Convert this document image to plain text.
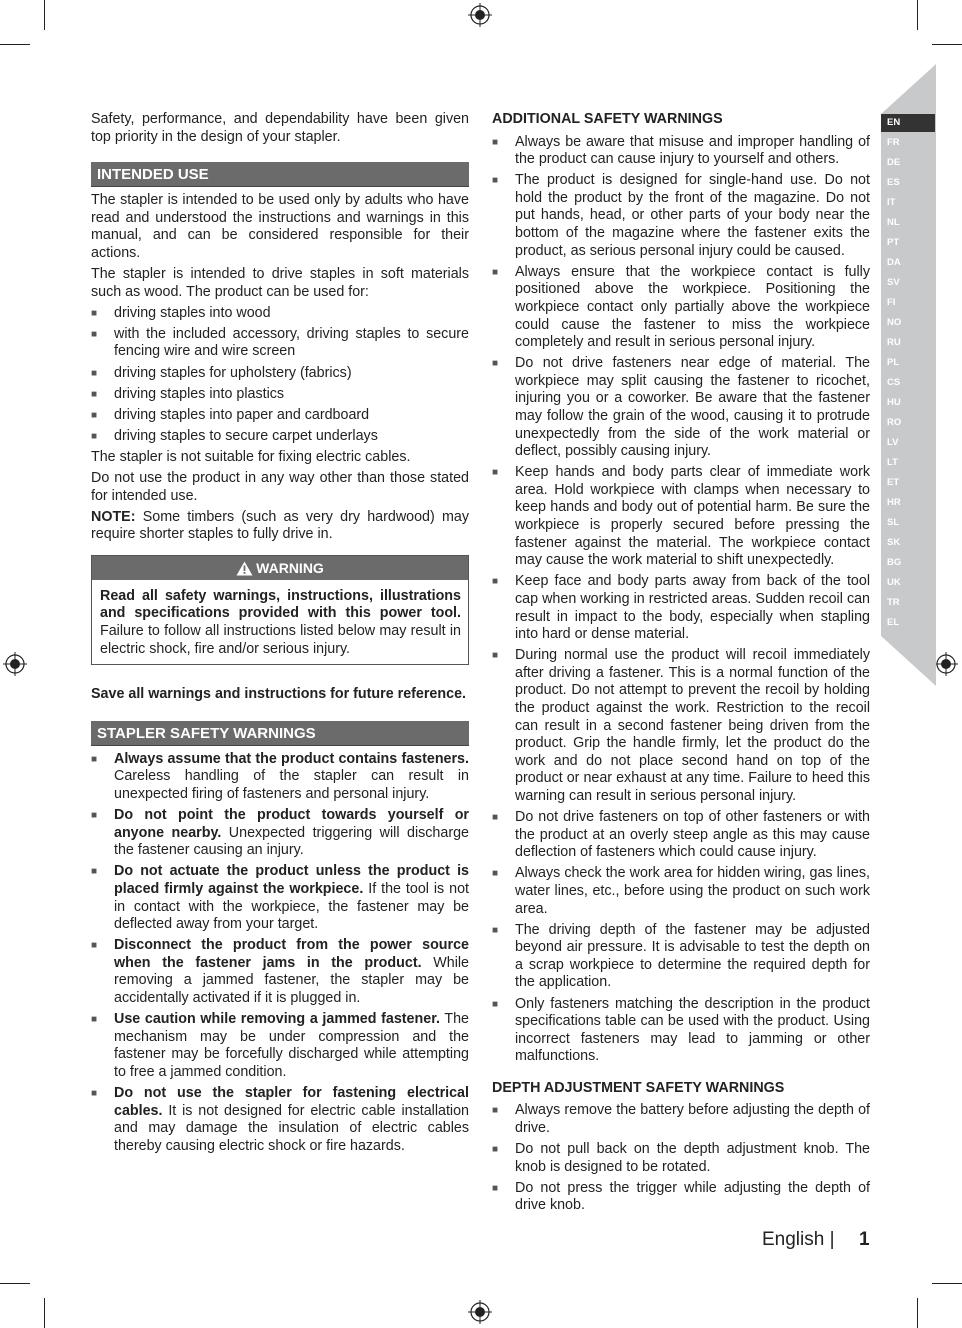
EN
FR
DE
ES
IT
NL
PT
DA
SV
FI
NO
RU
PL
CS
HU
RO
LV
LT
ET
HR
SL
SK
BG
UK
TR
EL

Safety, performance, and dependability have been given top priority in the design of your stapler.

INTENDED USE

The stapler is intended to be used only by adults who have read and understood the instructions and warnings in this manual, and can be considered responsible for their actions.

The stapler is intended to drive staples in soft materials such as wood. The product can be used for:

■ driving staples into wood
■ with the included accessory, driving staples to secure fencing wire and wire screen
■ driving staples for upholstery (fabrics)
■ driving staples into plastics
■ driving staples into paper and cardboard
■ driving staples to secure carpet underlays

The stapler is not suitable for fixing electric cables.

Do not use the product in any way other than those stated for intended use.

NOTE: Some timbers (such as very dry hardwood) may require shorter staples to fully drive in.

WARNING
Read all safety warnings, instructions, illustrations and specifications provided with this power tool. Failure to follow all instructions listed below may result in electric shock, fire and/or serious injury.

Save all warnings and instructions for future reference.

STAPLER SAFETY WARNINGS
■ Always assume that the product contains fasteners. Careless handling of the stapler can result in unexpected firing of fasteners and personal injury.
■ Do not point the product towards yourself or anyone nearby. Unexpected triggering will discharge the fastener causing an injury.
■ Do not actuate the product unless the product is placed firmly against the workpiece. If the tool is not in contact with the workpiece, the fastener may be deflected away from your target.
■ Disconnect the product from the power source when the fastener jams in the product. While removing a jammed fastener, the stapler may be accidentally activated if it is plugged in.
■ Use caution while removing a jammed fastener. The mechanism may be under compression and the fastener may be forcefully discharged while attempting to free a jammed condition.
■ Do not use the stapler for fastening electrical cables. It is not designed for electric cable installation and may damage the insulation of electric cables thereby causing electric shock or fire hazards.
ADDITIONAL SAFETY WARNINGS
■ Always be aware that misuse and improper handling of the product can cause injury to yourself and others.
■ The product is designed for single-hand use. Do not hold the product by the front of the magazine. Do not put hands, head, or other parts of your body near the bottom of the magazine where the fastener exits the product, as serious personal injury could be caused.
■ Always ensure that the workpiece contact is fully positioned above the workpiece. Positioning the workpiece contact only partially above the workpiece could cause the fastener to miss the workpiece completely and result in serious personal injury.
■ Do not drive fasteners near edge of material. The workpiece may split causing the fastener to ricochet, injuring you or a coworker. Be aware that the fastener may follow the grain of the wood, causing it to protrude unexpectedly from the side of the work material or deflect, possibly causing injury.
■ Keep hands and body parts clear of immediate work area. Hold workpiece with clamps when necessary to keep hands and body out of potential harm. Be sure the workpiece is properly secured before pressing the fastener against the material. The workpiece contact may cause the work material to shift unexpectedly.
■ Keep face and body parts away from back of the tool cap when working in restricted areas. Sudden recoil can result in impact to the body, especially when stapling into hard or dense material.
■ During normal use the product will recoil immediately after driving a fastener. This is a normal function of the product. Do not attempt to prevent the recoil by holding the product against the work. Restriction to the recoil can result in a second fastener being driven from the product. Grip the handle firmly, let the product do the work and do not place second hand on top of the product or near exhaust at any time. Failure to heed this warning can result in serious personal injury.
■ Do not drive fasteners on top of other fasteners or with the product at an overly steep angle as this may cause deflection of fasteners which could cause injury.
■ Always check the work area for hidden wiring, gas lines, water lines, etc., before using the product on such work area.
■ The driving depth of the fastener may be adjusted beyond air pressure. It is advisable to test the depth on a scrap workpiece to determine the required depth for the application.
■ Only fasteners matching the description in the product specifications table can be used with the product. Using incorrect fasteners may lead to jamming or other malfunctions.
DEPTH ADJUSTMENT SAFETY WARNINGS
■ Always remove the battery before adjusting the depth of drive.
■ Do not pull back on the depth adjustment knob. The knob is designed to be rotated.
■ Do not press the trigger while adjusting the depth of drive knob.
English | 1
